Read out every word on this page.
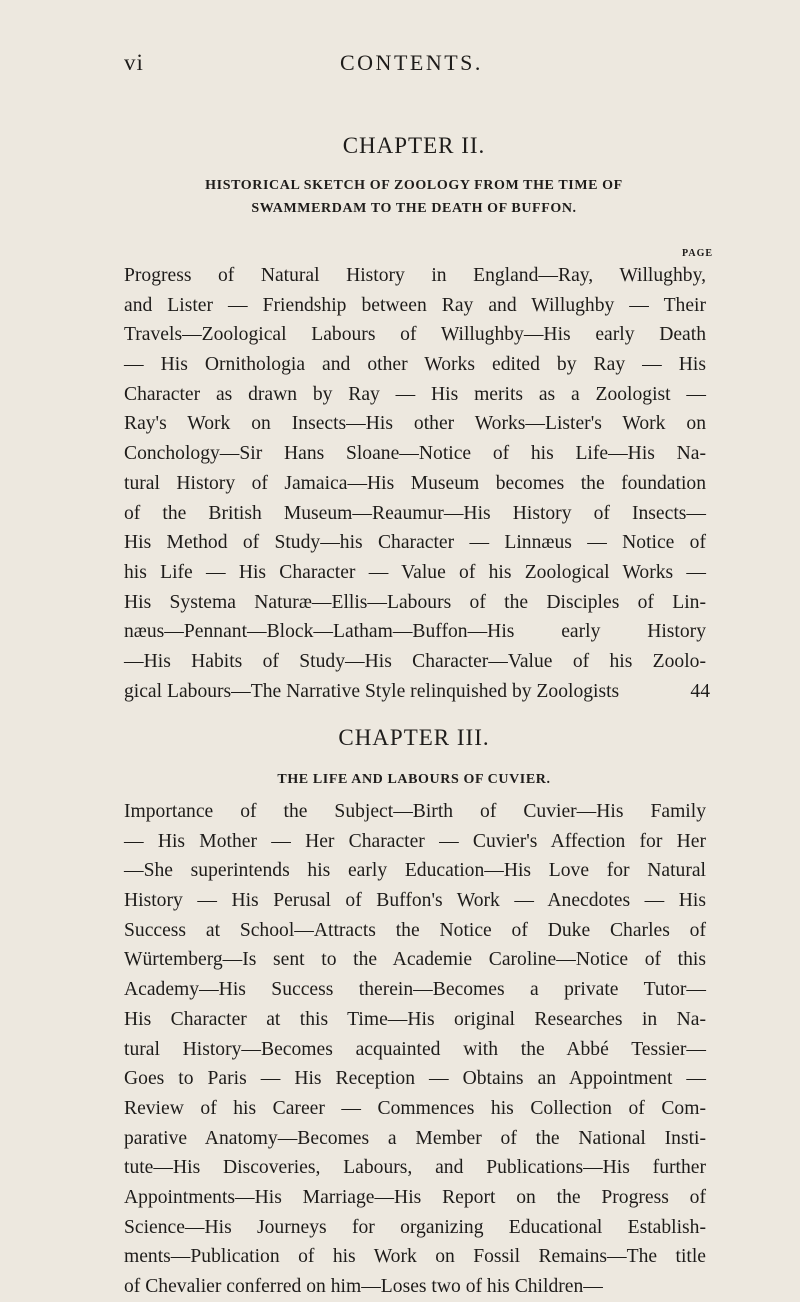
vi	CONTENTS.
CHAPTER II.
HISTORICAL SKETCH OF ZOOLOGY FROM THE TIME OF
SWAMMERDAM TO THE DEATH OF BUFFON.
PAGE
Progress of Natural History in England—Ray, Willughby,
and Lister — Friendship between Ray and Willughby — Their
Travels—Zoological Labours of Willughby—His early Death
— His Ornithologia and other Works edited by Ray — His
Character as drawn by Ray — His merits as a Zoologist —
Ray's Work on Insects—His other Works—Lister's Work on
Conchology—Sir Hans Sloane—Notice of his Life—His Na-
tural History of Jamaica—His Museum becomes the foundation
of the British Museum—Reaumur—His History of Insects—
His Method of Study—his Character — Linnæus — Notice of
his Life — His Character — Value of his Zoological Works —
His Systema Naturæ—Ellis—Labours of the Disciples of Lin-
næus—Pennant—Block—Latham—Buffon—His early History
—His Habits of Study—His Character—Value of his Zoolo-
gical Labours—The Narrative Style relinquished by Zoologists	44
CHAPTER III.
THE LIFE AND LABOURS OF CUVIER.
Importance of the Subject—Birth of Cuvier—His Family
— His Mother — Her Character — Cuvier's Affection for Her
—She superintends his early Education—His Love for Natural
History — His Perusal of Buffon's Work — Anecdotes — His
Success at School—Attracts the Notice of Duke Charles of
Würtemberg—Is sent to the Academie Caroline—Notice of this
Academy—His Success therein—Becomes a private Tutor—
His Character at this Time—His original Researches in Na-
tural History—Becomes acquainted with the Abbé Tessier—
Goes to Paris — His Reception — Obtains an Appointment —
Review of his Career — Commences his Collection of Com-
parative Anatomy—Becomes a Member of the National Insti-
tute—His Discoveries, Labours, and Publications—His further
Appointments—His Marriage—His Report on the Progress of
Science—His Journeys for organizing Educational Establish-
ments—Publication of his Work on Fossil Remains—The title
of Chevalier conferred on him—Loses two of his Children—
